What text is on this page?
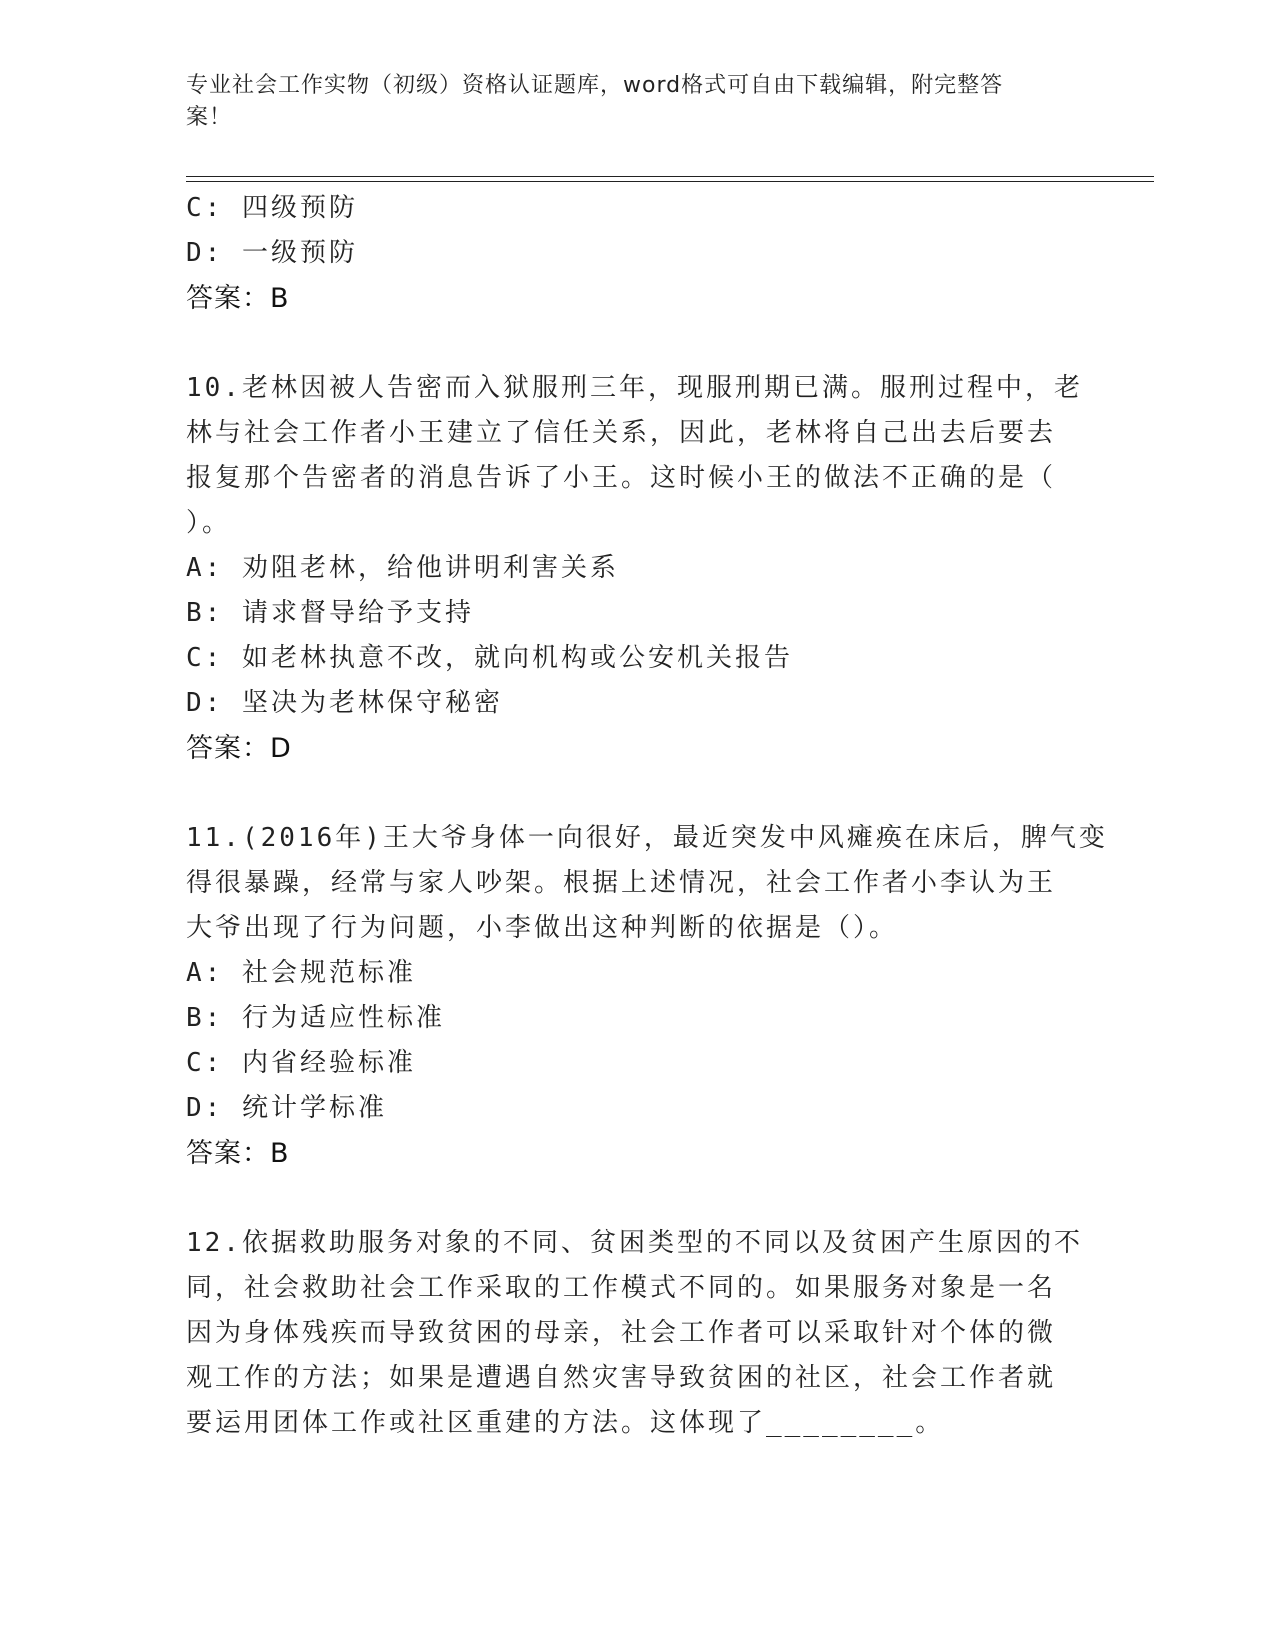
专业社会工作实物（初级）资格认证题库，word格式可自由下载编辑，附完整答
案！
C: 四级预防
D: 一级预防
答案：B
10.老林因被人告密而入狱服刑三年，现服刑期已满。服刑过程中，老
林与社会工作者小王建立了信任关系，因此，老林将自己出去后要去
报复那个告密者的消息告诉了小王。这时候小王的做法不正确的是（
）。
A: 劝阻老林，给他讲明利害关系
B: 请求督导给予支持
C: 如老林执意不改，就向机构或公安机关报告
D: 坚决为老林保守秘密
答案：D
11.(2016年)王大爷身体一向很好，最近突发中风瘫痪在床后，脾气变
得很暴躁，经常与家人吵架。根据上述情况，社会工作者小李认为王
大爷出现了行为问题，小李做出这种判断的依据是（）。
A: 社会规范标准
B: 行为适应性标准
C: 内省经验标准
D: 统计学标准
答案：B
12.依据救助服务对象的不同、贫困类型的不同以及贫困产生原因的不
同，社会救助社会工作采取的工作模式不同的。如果服务对象是一名
因为身体残疾而导致贫困的母亲，社会工作者可以采取针对个体的微
观工作的方法；如果是遭遇自然灾害导致贫困的社区，社会工作者就
要运用团体工作或社区重建的方法。这体现了________。
